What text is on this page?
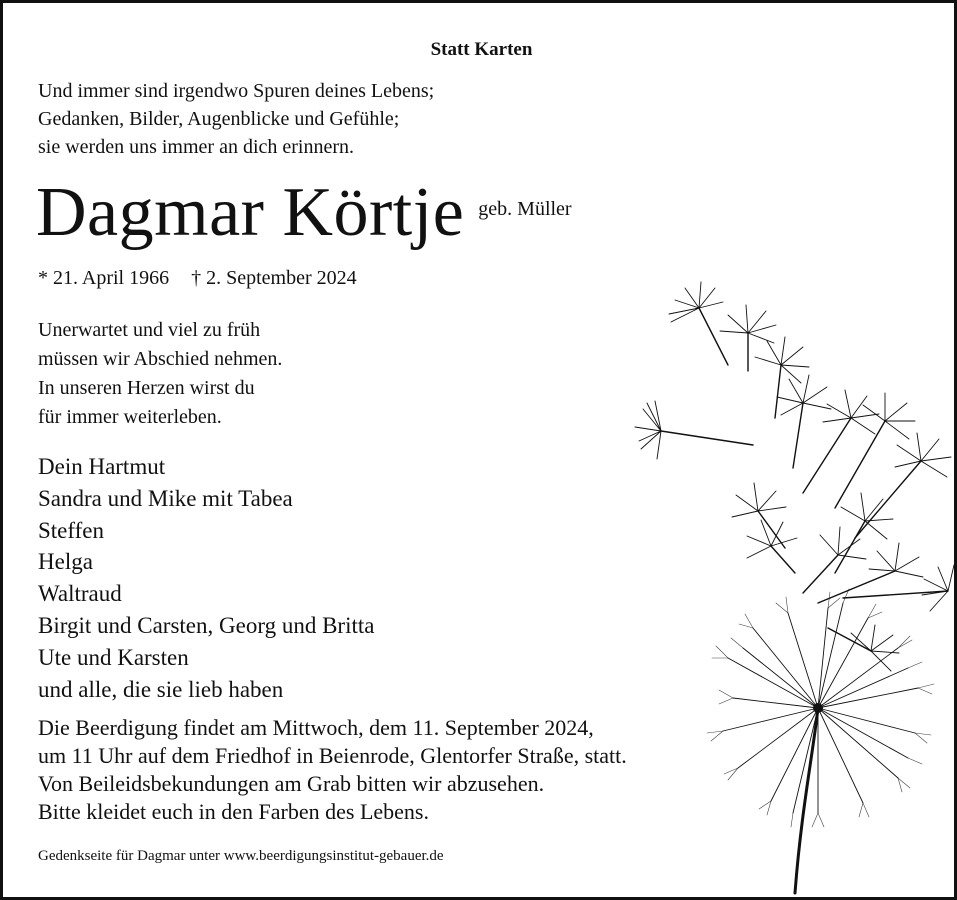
Statt Karten
Und immer sind irgendwo Spuren deines Lebens;
Gedanken, Bilder, Augenblicke und Gefühle;
sie werden uns immer an dich erinnern.
Dagmar Körtje geb. Müller
* 21. April 1966 † 2. September 2024
Unerwartet und viel zu früh
müssen wir Abschied nehmen.
In unseren Herzen wirst du
für immer weiterleben.
Dein Hartmut
Sandra und Mike mit Tabea
Steffen
Helga
Waltraud
Birgit und Carsten, Georg und Britta
Ute und Karsten
und alle, die sie lieb haben
Die Beerdigung findet am Mittwoch, dem 11. September 2024,
um 11 Uhr auf dem Friedhof in Beienrode, Glentorfer Straße, statt.
Von Beileidsbekundungen am Grab bitten wir abzusehen.
Bitte kleidet euch in den Farben des Lebens.
Gedenkseite für Dagmar unter www.beerdigungsinstitut-gebauer.de
